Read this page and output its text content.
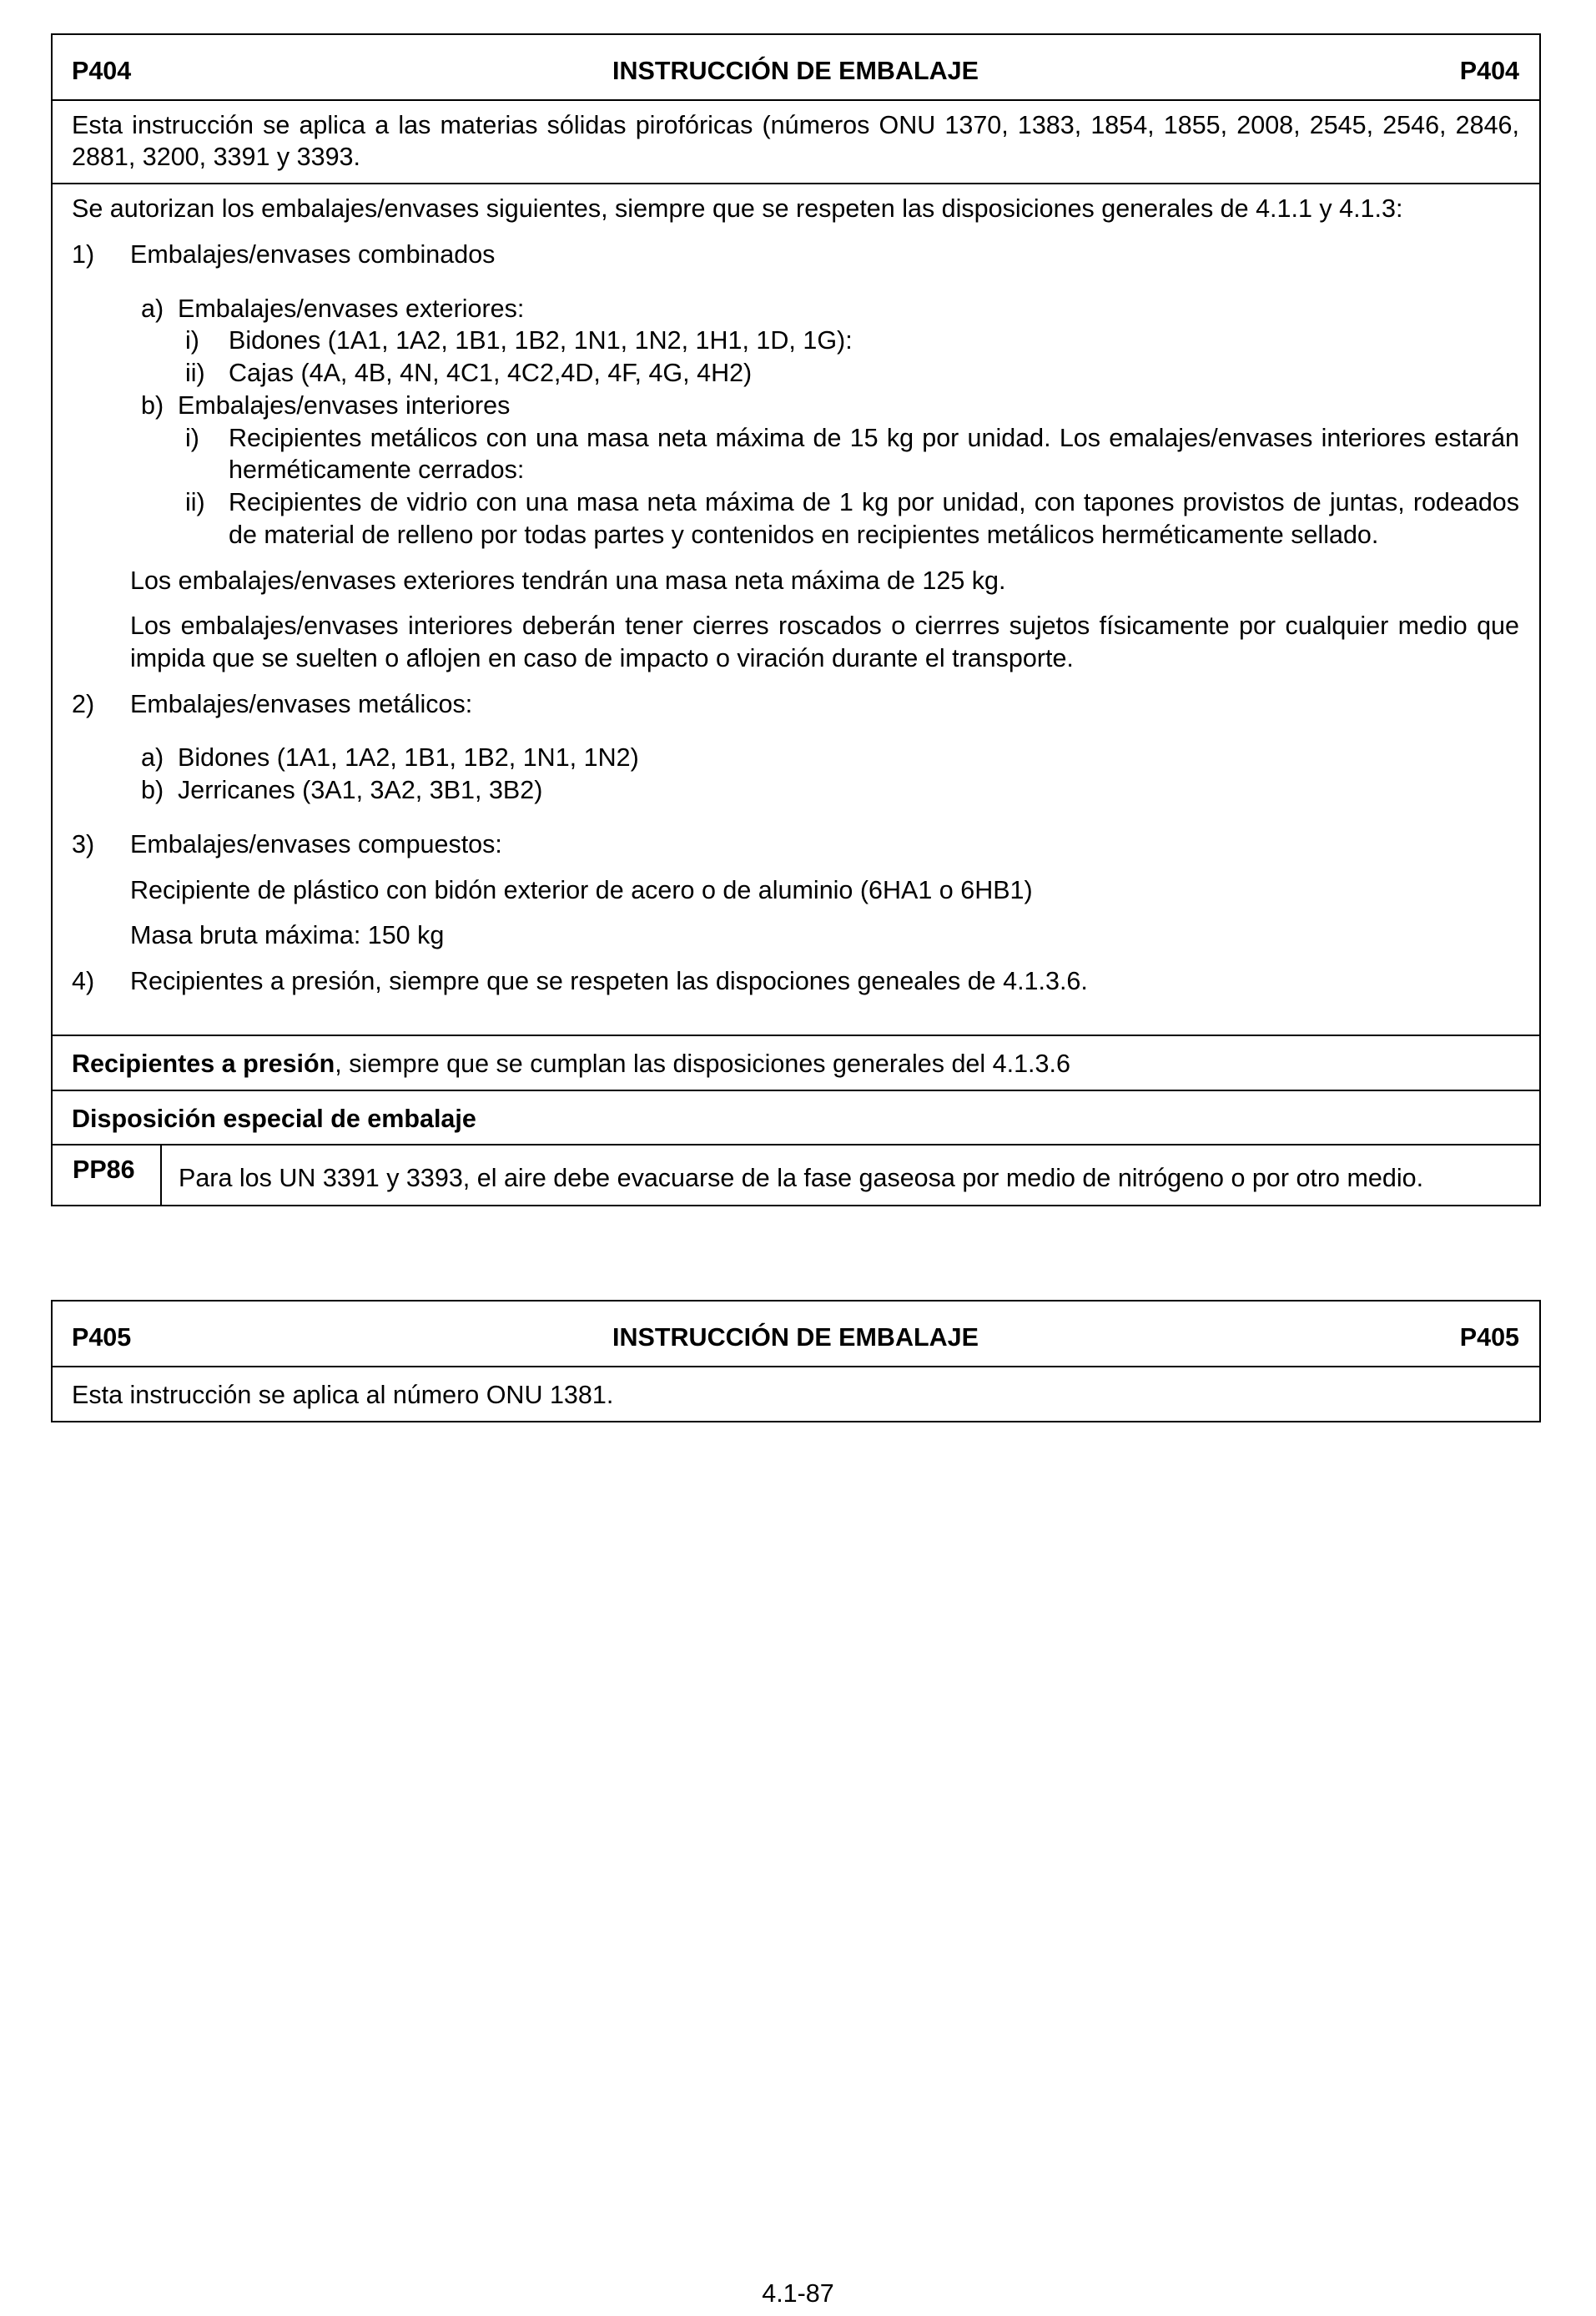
P404	INSTRUCCIÓN DE EMBALAJE	P404

Esta instrucción se aplica a las materias sólidas pirofóricas (números ONU 1370, 1383, 1854, 1855, 2008, 2545, 2546, 2846, 2881, 3200, 3391 y 3393.

Se autorizan los embalajes/envases siguientes, siempre que se respeten las disposiciones generales de 4.1.1 y 4.1.3:

1)	Embalajes/envases combinados
a) Embalajes/envases exteriores:
i)	Bidones (1A1, 1A2, 1B1, 1B2, 1N1, 1N2, 1H1, 1D, 1G):
ii) Cajas (4A, 4B, 4N, 4C1, 4C2,4D, 4F, 4G, 4H2)
b) Embalajes/envases interiores
i)	Recipientes metálicos con una masa neta máxima de 15 kg por unidad. Los emalajes/envases interiores estarán herméticamente cerrados:
ii) Recipientes de vidrio con una masa neta máxima de 1 kg por unidad, con tapones provistos de juntas, rodeados de material de relleno por todas partes y contenidos en recipientes metálicos herméticamente sellado.

Los embalajes/envases exteriores tendrán una masa neta máxima de 125 kg.

Los embalajes/envases interiores deberán tener cierres roscados o cierrres sujetos físicamente por cualquier medio que impida que se suelten o aflojen en caso de impacto o viración durante el transporte.

2)	Embalajes/envases metálicos:
a) Bidones (1A1, 1A2, 1B1, 1B2, 1N1, 1N2)
b) Jerricanes (3A1, 3A2, 3B1, 3B2)
3)	Embalajes/envases compuestos:

Recipiente de plástico con bidón exterior de acero o de aluminio (6HA1 o 6HB1)

Masa bruta máxima: 150 kg

4)	Recipientes a presión, siempre que se respeten las dispociones geneales de 4.1.3.6.
Recipientes a presión, siempre que se cumplan las disposiciones generales del 4.1.3.6
Disposición especial de embalaje
PP86	Para los UN 3391 y 3393, el aire debe evacuarse de la fase gaseosa por medio de nitrógeno o por otro medio.
P405	INSTRUCCIÓN DE EMBALAJE	P405

Esta instrucción se aplica al número ONU 1381.

4.1-87
